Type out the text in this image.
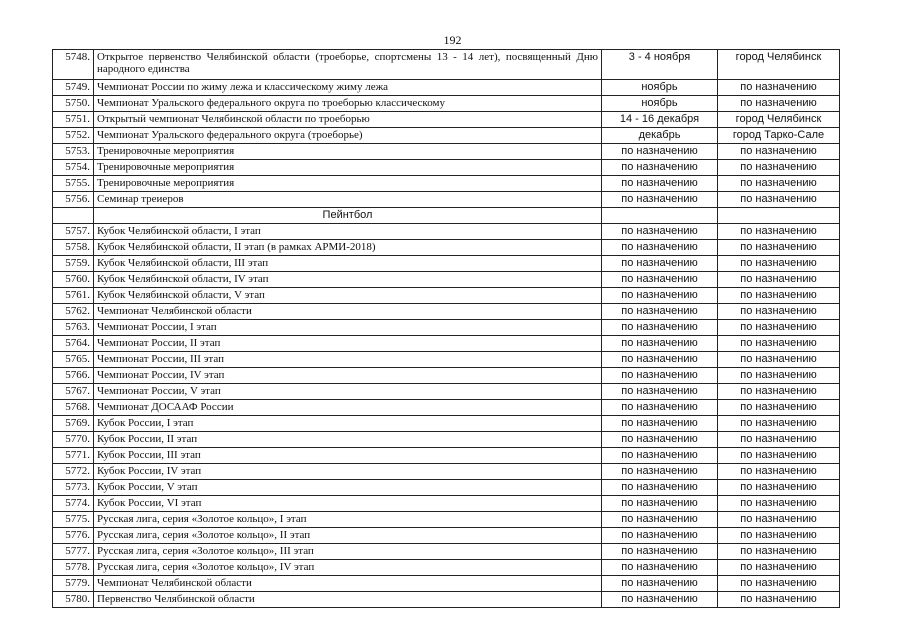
192
5748.	Открытое первенство Челябинской области (троеборье, спортсмены 13 - 14 лет), посвященный Дню народного единства	3 - 4 ноября	город Челябинск
5749.	Чемпионат России по жиму лежа и классическому жиму лежа	ноябрь	по назначению
5750.	Чемпионат Уральского федерального округа по троеборью классическому	ноябрь	по назначению
5751.	Открытый чемпионат Челябинской области по троеборью	14 - 16 декабря	город Челябинск
5752.	Чемпионат Уральского федерального округа (троеборье)	декабрь	город Тарко-Сале
5753.	Тренировочные мероприятия	по назначению	по назначению
5754.	Тренировочные мероприятия	по назначению	по назначению
5755.	Тренировочные мероприятия	по назначению	по назначению
5756.	Семинар треиеров	по назначению	по назначению
	Пейнтбол		
5757.	Кубок Челябинской области, I этап	по назначению	по назначению
5758.	Кубок Челябинской области, II этап (в рамках АРМИ-2018)	по назначению	по назначению
5759.	Кубок Челябинской области, III этап	по назначению	по назначению
5760.	Кубок Челябинской области, IV этап	по назначению	по назначению
5761.	Кубок Челябинской области, V этап	по назначению	по назначению
5762.	Чемпионат Челябинской области	по назначению	по назначению
5763.	Чемпионат России, I этап	по назначению	по назначению
5764.	Чемпионат России, II этап	по назначению	по назначению
5765.	Чемпионат России, III этап	по назначению	по назначению
5766.	Чемпионат России, IV этап	по назначению	по назначению
5767.	Чемпионат России, V этап	по назначению	по назначению
5768.	Чемпионат ДОСААФ России	по назначению	по назначению
5769.	Кубок России, I этап	по назначению	по назначению
5770.	Кубок России, II этап	по назначению	по назначению
5771.	Кубок России, III этап	по назначению	по назначению
5772.	Кубок России, IV этап	по назначению	по назначению
5773.	Кубок России, V этап	по назначению	по назначению
5774.	Кубок России, VI этап	по назначению	по назначению
5775.	Русская лига, серия «Золотое кольцо», I этап	по назначению	по назначению
5776.	Русская лига, серия «Золотое кольцо», II этап	по назначению	по назначению
5777.	Русская лига, серия «Золотое кольцо», III этап	по назначению	по назначению
5778.	Русская лига, серия «Золотое кольцо», IV этап	по назначению	по назначению
5779.	Чемпионат Челябинской области	по назначению	по назначению
5780.	Первенство Челябинской области	по назначению	по назначению
